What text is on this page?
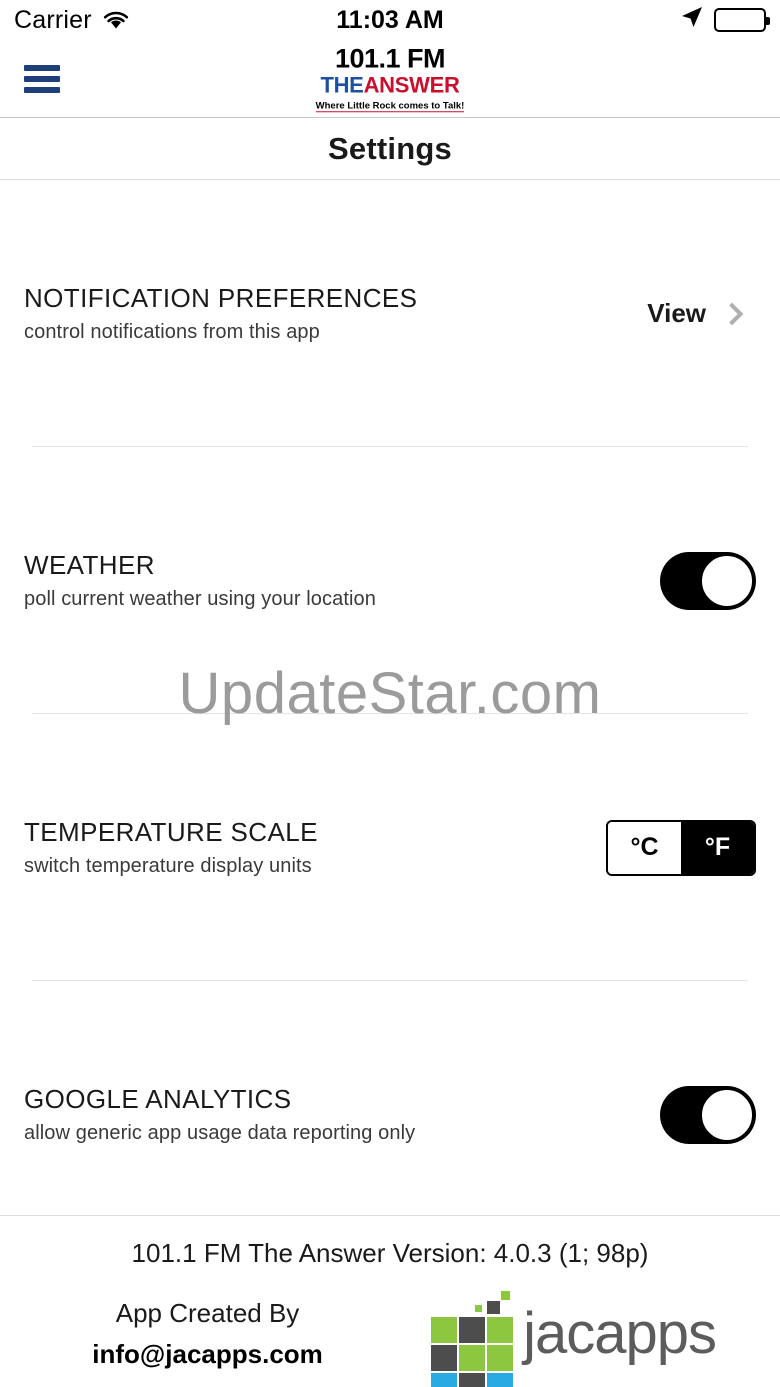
Carrier	11:03 AM
101.1 FM
THEANSWER
Where Little Rock comes to Talk!
Settings
NOTIFICATION PREFERENCES
control notifications from this app
View
WEATHER
poll current weather using your location
TEMPERATURE SCALE
switch temperature display units
°C	°F
GOOGLE ANALYTICS
allow generic app usage data reporting only
UpdateStar.com
101.1 FM The Answer Version: 4.0.3 (1; 98p)
App Created By
info@jacapps.com	jacapps
